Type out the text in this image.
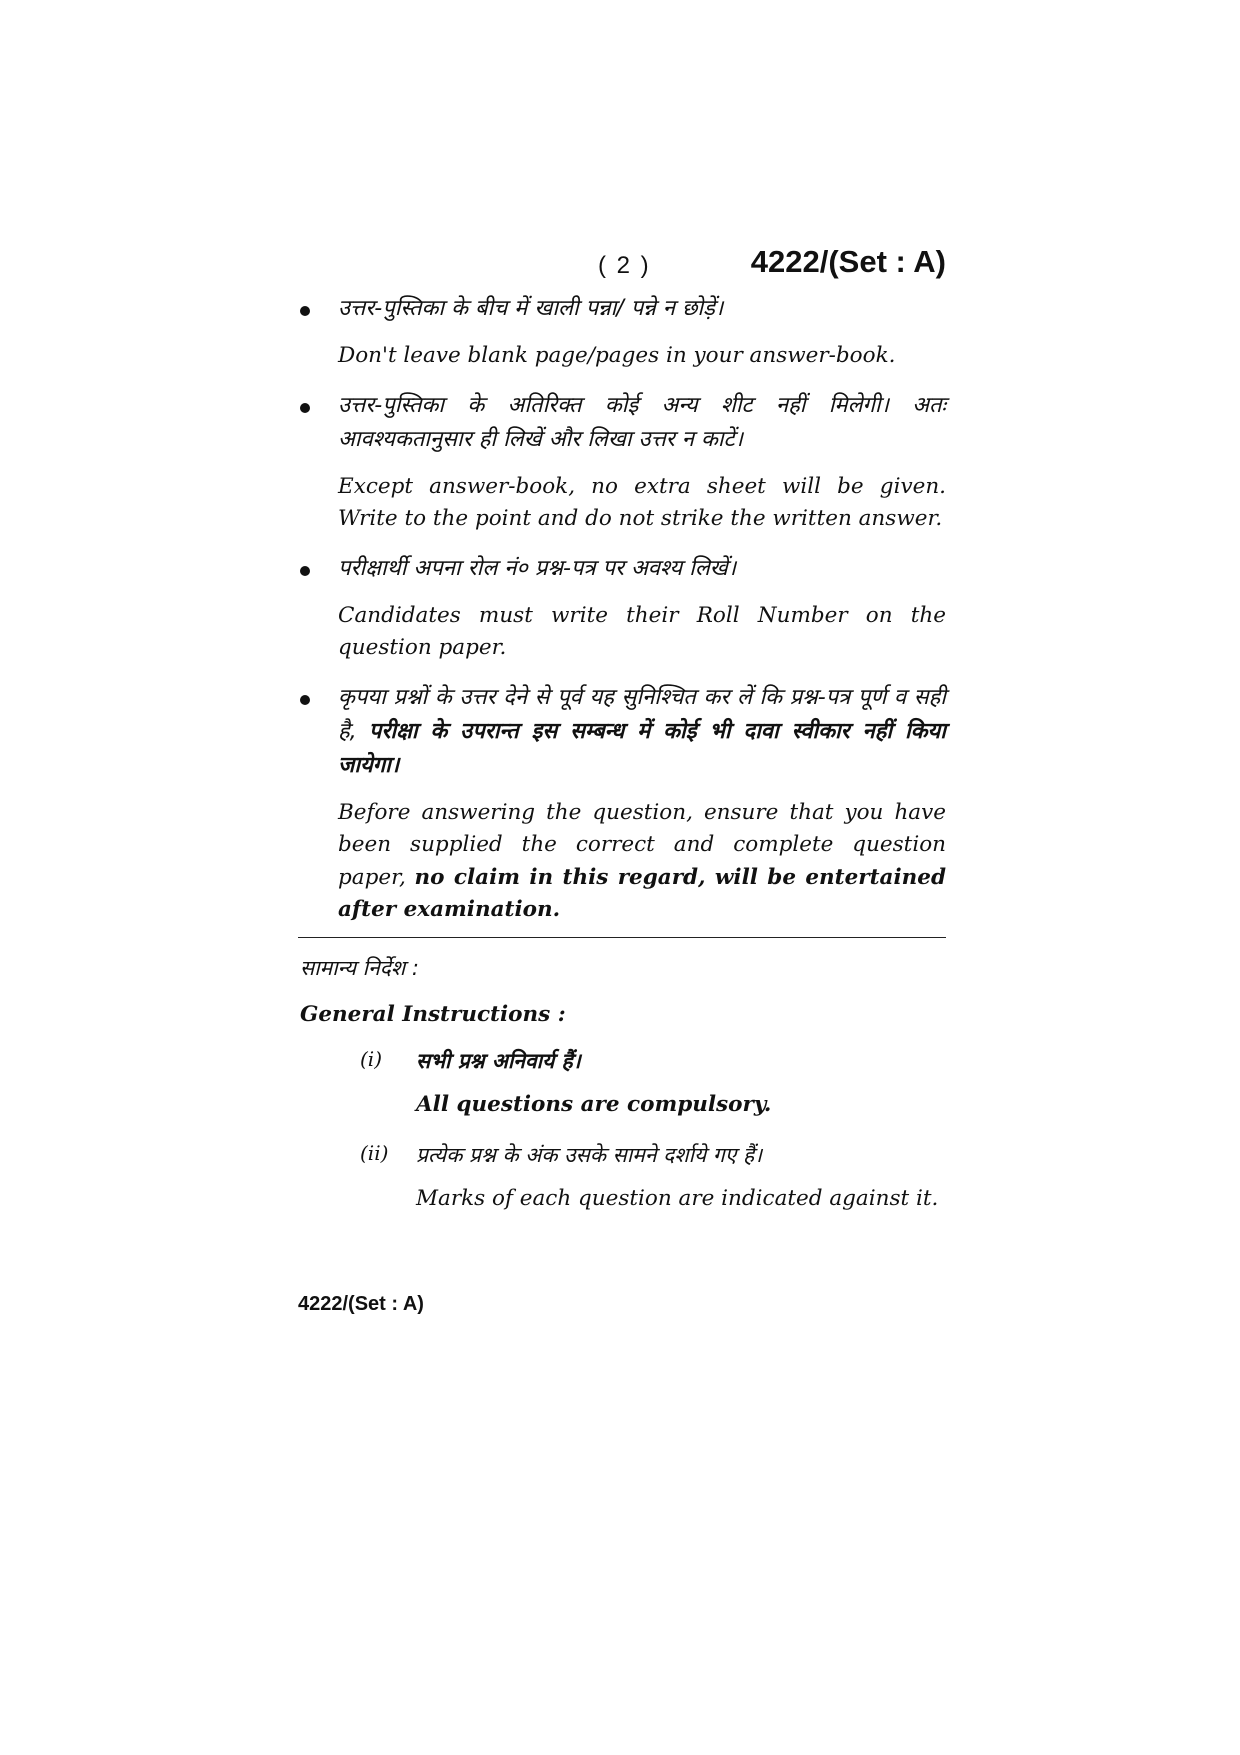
( 2 )	4222/(Set : A)

उत्तर-पुस्तिका के बीच में खाली पन्ना/ पन्ने न छोड़ें।

Don't leave blank page/pages in your answer-book.

उत्तर-पुस्तिका के अतिरिक्त कोई अन्य शीट नहीं मिलेगी। अतः आवश्यकतानुसार ही लिखें और लिखा उत्तर न काटें।

Except answer-book, no extra sheet will be given. Write to the point and do not strike the written answer.

परीक्षार्थी अपना रोल नं० प्रश्न-पत्र पर अवश्य लिखें।

Candidates must write their Roll Number on the question paper.

कृपया प्रश्नों के उत्तर देने से पूर्व यह सुनिश्चित कर लें कि प्रश्न-पत्र पूर्ण व सही है, परीक्षा के उपरान्त इस सम्बन्ध में कोई भी दावा स्वीकार नहीं किया जायेगा।

Before answering the question, ensure that you have been supplied the correct and complete question paper, no claim in this regard, will be entertained after examination.

सामान्य निर्देश :
General Instructions :
(i) सभी प्रश्न अनिवार्य हैं।

All questions are compulsory.

(ii) प्रत्येक प्रश्न के अंक उसके सामने दर्शाये गए हैं।

Marks of each question are indicated against it.

4222/(Set : A)
